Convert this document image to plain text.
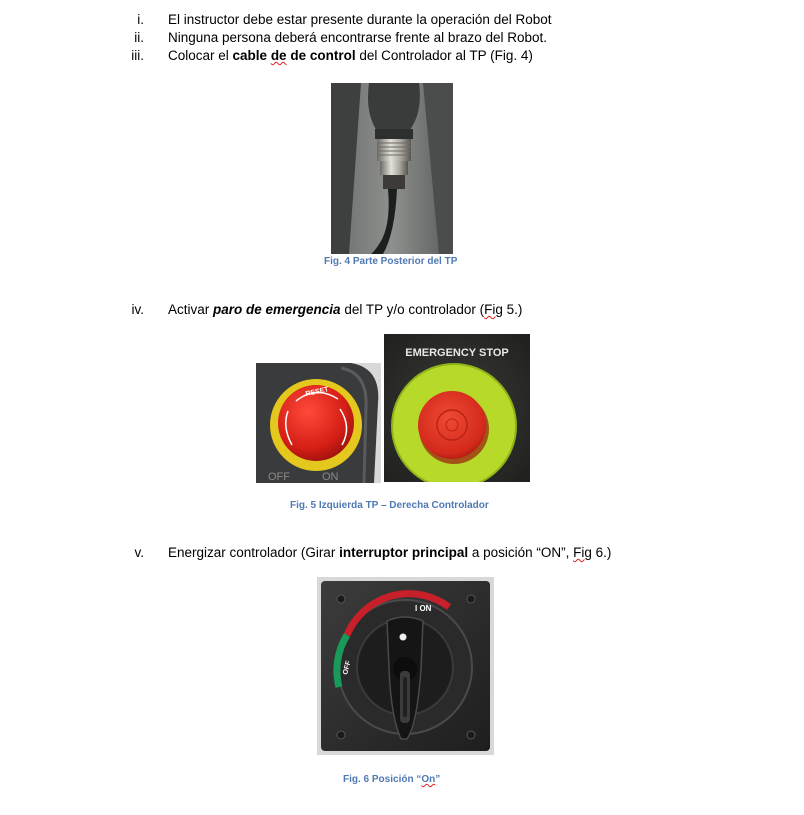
i. El instructor debe estar presente durante la operación del Robot
ii. Ninguna persona deberá encontrarse frente al brazo del Robot.
iii. Colocar el cable de de control del Controlador al TP (Fig. 4)
Fig. 4 Parte Posterior del TP
iv. Activar paro de emergencia del TP y/o controlador (Fig 5.)
RESET
OFF	ON
EMERGENCY STOP
Fig. 5 Izquierda TP – Derecha Controlador
v. Energizar controlador (Girar interruptor principal a posición “ON”, Fig 6.)
I ON
OFF
Fig. 6 Posición “On”
